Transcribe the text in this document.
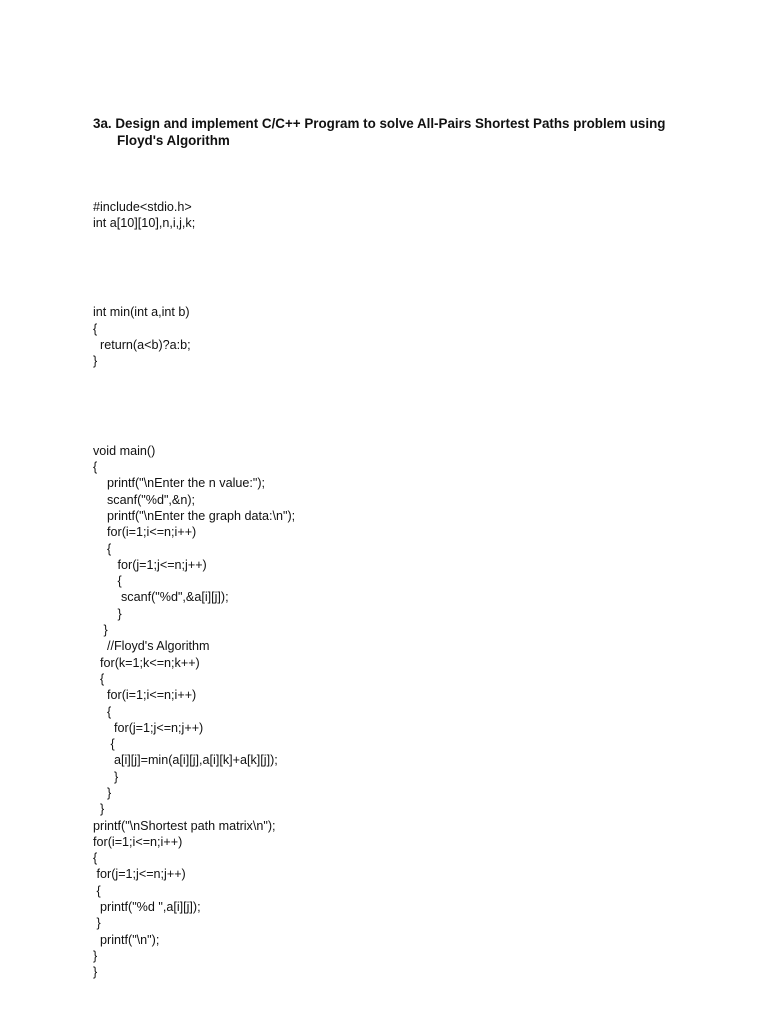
3a. Design and implement C/C++ Program to solve All-Pairs Shortest Paths problem using
Floyd's Algorithm

#include<stdio.h>
int a[10][10],n,i,j,k;

int min(int a,int b)
{
return(a<b)?a:b;
}

void main()
{
printf("\nEnter the n value:");
scanf("%d",&n);
printf("\nEnter the graph data:\n");
for(i=1;i<=n;i++)
{
for(j=1;j<=n;j++)
{
scanf("%d",&a[i][j]);
}
}
//Floyd's Algorithm
for(k=1;k<=n;k++)
{
for(i=1;i<=n;i++)
{
for(j=1;j<=n;j++)
{
a[i][j]=min(a[i][j],a[i][k]+a[k][j]);
}
}
}
printf("\nShortest path matrix\n");
for(i=1;i<=n;i++)
{
for(j=1;j<=n;j++)
{
printf("%d ",a[i][j]);
}
printf("\n");
}
}
